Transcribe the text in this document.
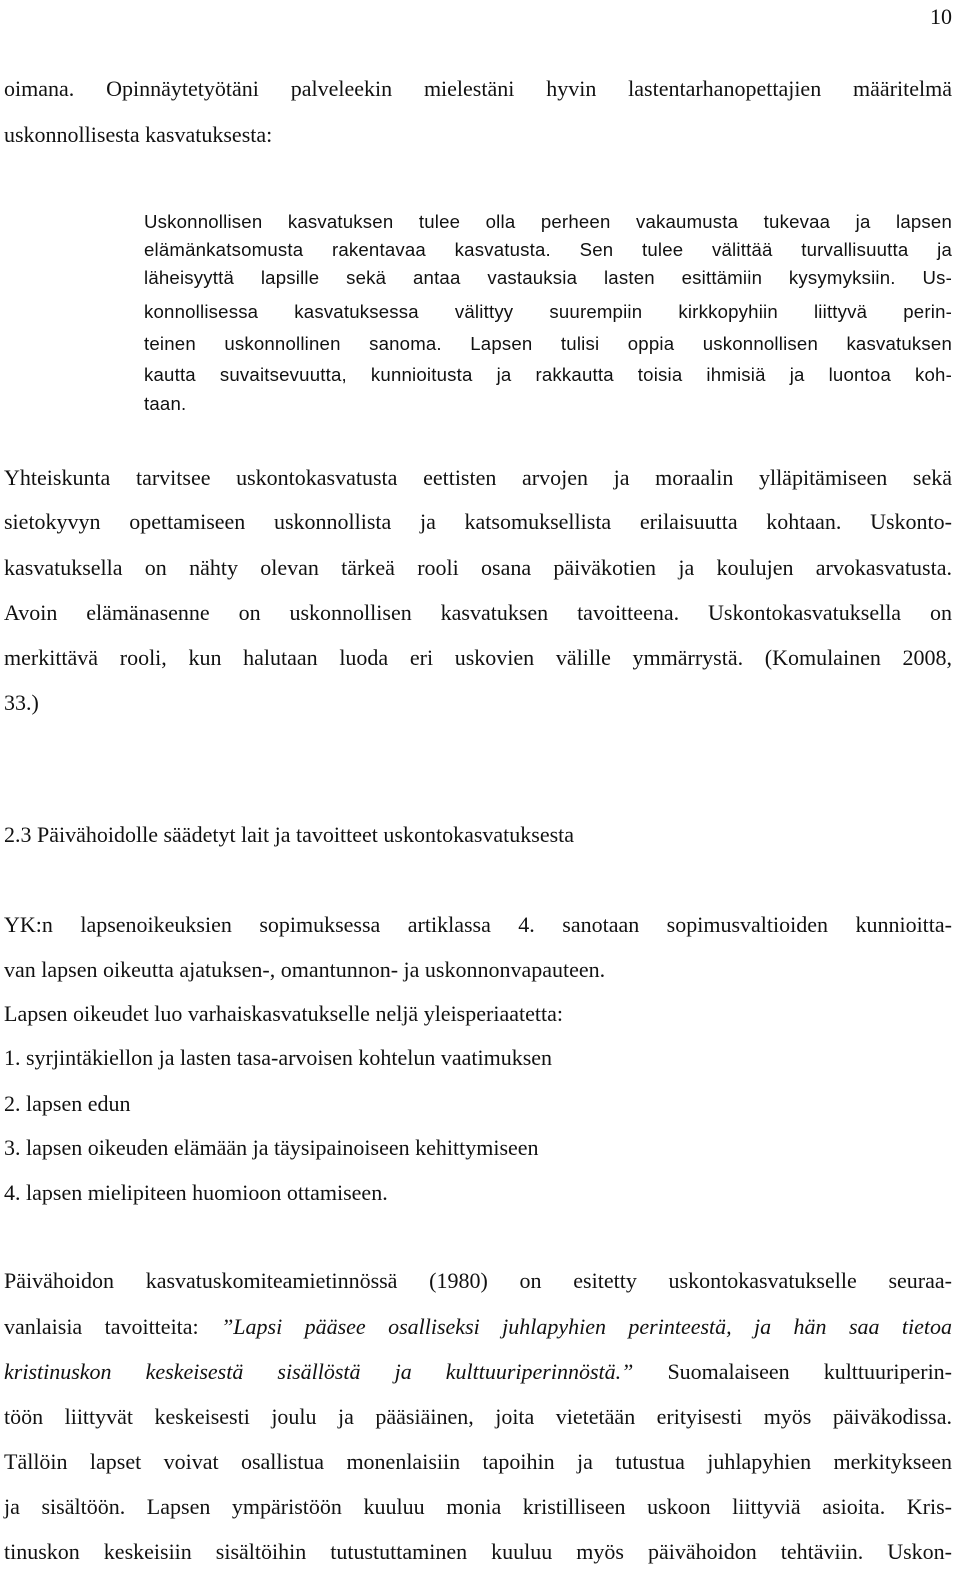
10
oimana. Opinnäytetyötäni palveleekin mielestäni hyvin lastentarhanopettajien määritelmä
uskonnollisesta kasvatuksesta:
Uskonnollisen kasvatuksen tulee olla perheen vakaumusta tukevaa ja lapsen
elämänkatsomusta rakentavaa kasvatusta. Sen tulee välittää turvallisuutta ja
läheisyyttä lapsille sekä antaa vastauksia lasten esittämiin kysymyksiin. Us-
konnollisessa kasvatuksessa välittyy suurempiin kirkkopyhiin liittyvä perin-
teinen uskonnollinen sanoma. Lapsen tulisi oppia uskonnollisen kasvatuksen
kautta suvaitsevuutta, kunnioitusta ja rakkautta toisia ihmisiä ja luontoa koh-
taan.
Yhteiskunta tarvitsee uskontokasvatusta eettisten arvojen ja moraalin ylläpitämiseen sekä
sietokyvyn opettamiseen uskonnollista ja katsomuksellista erilaisuutta kohtaan. Uskonto-
kasvatuksella on nähty olevan tärkeä rooli osana päiväkotien ja koulujen arvokasvatusta.
Avoin elämänasenne on uskonnollisen kasvatuksen tavoitteena. Uskontokasvatuksella on
merkittävä rooli, kun halutaan luoda eri uskovien välille ymmärrystä. (Komulainen 2008,
33.)
2.3 Päivähoidolle säädetyt lait ja tavoitteet uskontokasvatuksesta
YK:n lapsenoikeuksien sopimuksessa artiklassa 4. sanotaan sopimusvaltioiden kunnioitta-
van lapsen oikeutta ajatuksen-, omantunnon- ja uskonnonvapauteen.
Lapsen oikeudet luo varhaiskasvatukselle neljä yleisperiaatetta:
1. syrjintäkiellon ja lasten tasa-arvoisen kohtelun vaatimuksen
2. lapsen edun
3. lapsen oikeuden elämään ja täysipainoiseen kehittymiseen
4. lapsen mielipiteen huomioon ottamiseen.
Päivähoidon kasvatuskomiteamietinnössä (1980) on esitetty uskontokasvatukselle seuraa-
vanlaisia tavoitteita: ”Lapsi pääsee osalliseksi juhlapyhien perinteestä, ja hän saa tietoa
kristinuskon keskeisestä sisällöstä ja kulttuuriperinnöstä.” Suomalaiseen kulttuuriperin-
töön liittyvät keskeisesti joulu ja pääsiäinen, joita vietetään erityisesti myös päiväkodissa.
Tällöin lapset voivat osallistua monenlaisiin tapoihin ja tutustua juhlapyhien merkitykseen
ja sisältöön. Lapsen ympäristöön kuuluu monia kristilliseen uskoon liittyviä asioita. Kris-
tinuskon keskeisiin sisältöihin tutustuttaminen kuuluu myös päivähoidon tehtäviin. Uskon-
